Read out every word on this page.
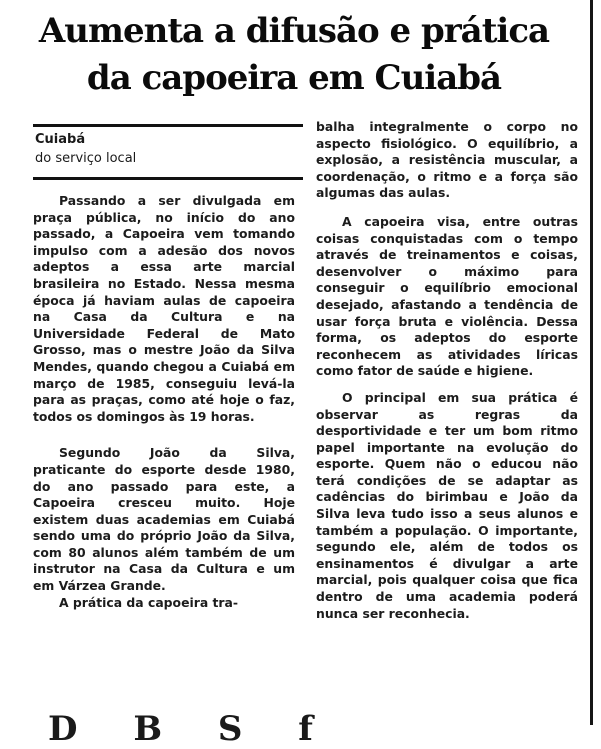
Aumenta a difusão e prática
da capoeira em Cuiabá
Cuiabá
do serviço local

Passando a ser divulgada em praça pública, no início do ano passado, a Capoeira vem tomando impulso com a adesão dos novos adeptos a essa arte marcial brasileira no Estado. Nessa mesma época já haviam aulas de capoeira na Casa da Cultura e na Universidade Federal de Mato Grosso, mas o mestre João da Silva Mendes, quando chegou a Cuiabá em março de 1985, conseguiu levá-la para as praças, como até hoje o faz, todos os domingos às 19 horas.

Segundo João da Silva, praticante do esporte desde 1980, do ano passado para este, a Capoeira cresceu muito. Hoje existem duas academias em Cuiabá sendo uma do próprio João da Silva, com 80 alunos além também de um instrutor na Casa da Cultura e um em Várzea Grande.

A prática da capoeira tra-

balha integralmente o corpo no aspecto fisiológico. O equilíbrio, a explosão, a resistência muscular, a coordenação, o ritmo e a força são algumas das aulas.

A capoeira visa, entre outras coisas conquistadas com o tempo através de treinamentos e coisas, desenvolver o máximo para conseguir o equilíbrio emocional desejado, afastando a tendência de usar força bruta e violência. Dessa forma, os adeptos do esporte reconhecem as atividades líricas como fator de saúde e higiene.

O principal em sua prática é observar as regras da desportividade e ter um bom ritmo papel importante na evolução do esporte. Quem não o educou não terá condições de se adaptar as cadências do birimbau e João da Silva leva tudo isso a seus alunos e também a população. O importante, segundo ele, além de todos os ensinamentos é divulgar a arte marcial, pois qualquer coisa que fica dentro de uma academia poderá nunca ser reconhecia.

D B S f
